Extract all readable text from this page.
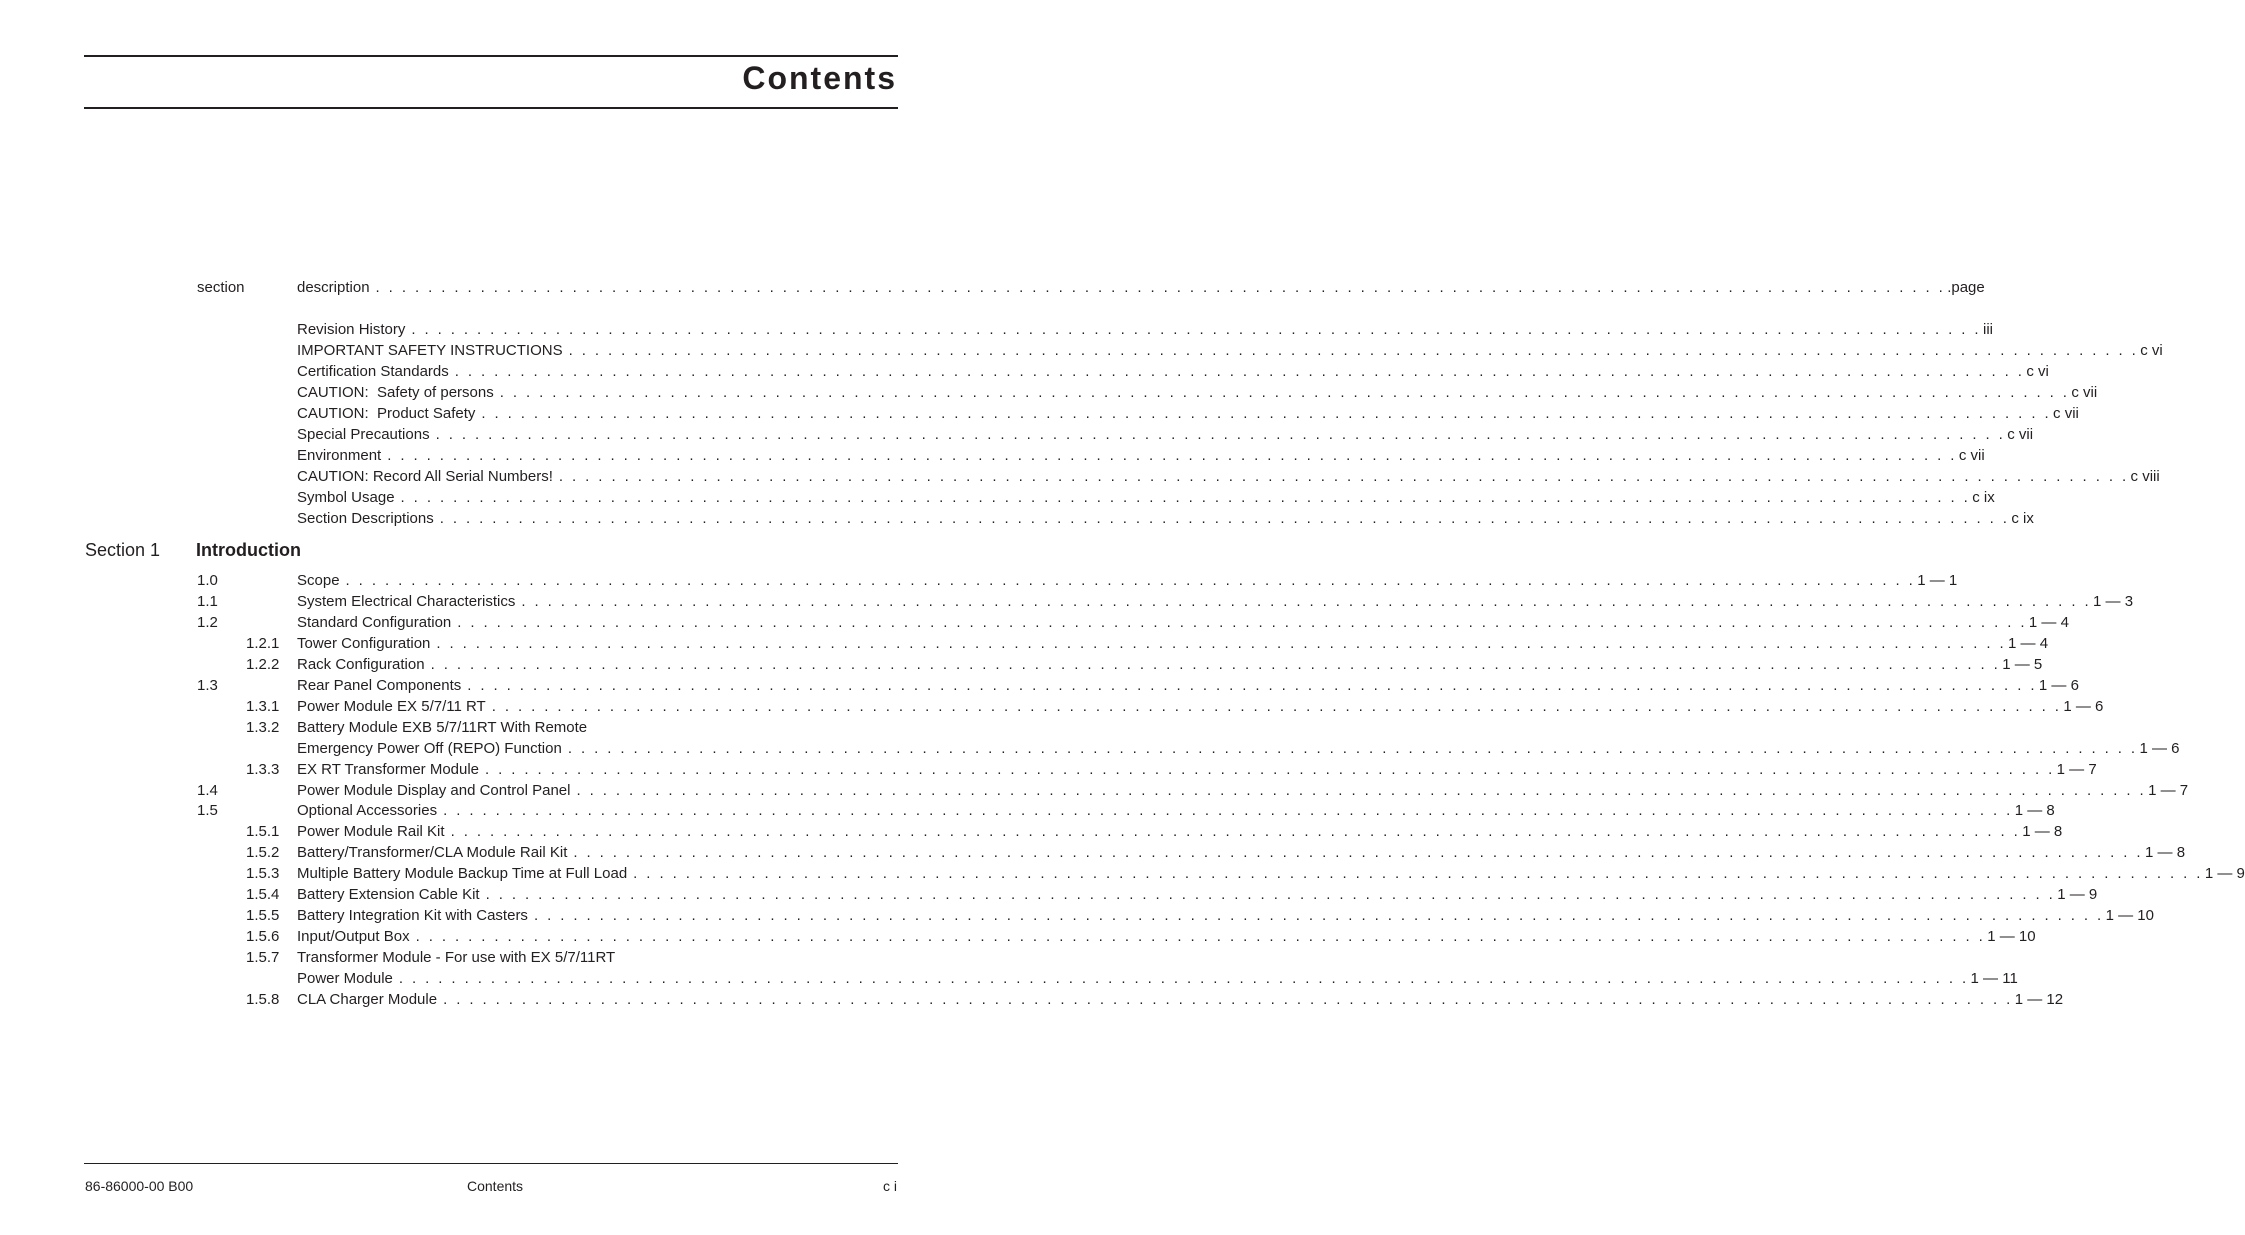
Contents
section	description . . . . . . . . . . . . . . . . . . . . . . . . . . . . . . . . . . . . . . . . . . . . . . . . . . . . . . . . . . . . . . . . . . . . . . . . . . . . . . . . . . . . . . . . . . . . . . . . . . . . . . . . . . . . . . . . . . . . . . . . .page
Revision History . . . . . . . . . . . . . . . . . . . . . . . . . . . . . . . . . . . . . . . . . . . . . . . . . . . . . . . . . . . . . . . . . . . . . . . . . . . . . . . . . . . . . . . . . . . . . . . . . . . . . . . . . . . . . . . . . . . . . . . . iii
IMPORTANT SAFETY INSTRUCTIONS . . . . . . . . . . . . . . . . . . . . . . . . . . . . . . . . . . . . . . . . . . . . . . . . . . . . . . . . . . . . . . . . . . . . . . . . . . . . . . . . . . . . . . . . . . . . . . . . . . . . . . . . . . . . . . . . . . . . . . . . c vi
Certification Standards . . . . . . . . . . . . . . . . . . . . . . . . . . . . . . . . . . . . . . . . . . . . . . . . . . . . . . . . . . . . . . . . . . . . . . . . . . . . . . . . . . . . . . . . . . . . . . . . . . . . . . . . . . . . . . . . . . . . . . . . c vi
CAUTION:  Safety of persons . . . . . . . . . . . . . . . . . . . . . . . . . . . . . . . . . . . . . . . . . . . . . . . . . . . . . . . . . . . . . . . . . . . . . . . . . . . . . . . . . . . . . . . . . . . . . . . . . . . . . . . . . . . . . . . . . . . . . . . . c vii
CAUTION:  Product Safety . . . . . . . . . . . . . . . . . . . . . . . . . . . . . . . . . . . . . . . . . . . . . . . . . . . . . . . . . . . . . . . . . . . . . . . . . . . . . . . . . . . . . . . . . . . . . . . . . . . . . . . . . . . . . . . . . . . . . . . . c vii
Special Precautions . . . . . . . . . . . . . . . . . . . . . . . . . . . . . . . . . . . . . . . . . . . . . . . . . . . . . . . . . . . . . . . . . . . . . . . . . . . . . . . . . . . . . . . . . . . . . . . . . . . . . . . . . . . . . . . . . . . . . . . . c vii
Environment . . . . . . . . . . . . . . . . . . . . . . . . . . . . . . . . . . . . . . . . . . . . . . . . . . . . . . . . . . . . . . . . . . . . . . . . . . . . . . . . . . . . . . . . . . . . . . . . . . . . . . . . . . . . . . . . . . . . . . . . c vii
CAUTION: Record All Serial Numbers! . . . . . . . . . . . . . . . . . . . . . . . . . . . . . . . . . . . . . . . . . . . . . . . . . . . . . . . . . . . . . . . . . . . . . . . . . . . . . . . . . . . . . . . . . . . . . . . . . . . . . . . . . . . . . . . . . . . . . . . . c viii
Symbol Usage . . . . . . . . . . . . . . . . . . . . . . . . . . . . . . . . . . . . . . . . . . . . . . . . . . . . . . . . . . . . . . . . . . . . . . . . . . . . . . . . . . . . . . . . . . . . . . . . . . . . . . . . . . . . . . . . . . . . . . . . c ix
Section Descriptions . . . . . . . . . . . . . . . . . . . . . . . . . . . . . . . . . . . . . . . . . . . . . . . . . . . . . . . . . . . . . . . . . . . . . . . . . . . . . . . . . . . . . . . . . . . . . . . . . . . . . . . . . . . . . . . . . . . . . . . . c ix
Section 1 Introduction
1.0	Scope . . . . . . . . . . . . . . . . . . . . . . . . . . . . . . . . . . . . . . . . . . . . . . . . . . . . . . . . . . . . . . . . . . . . . . . . . . . . . . . . . . . . . . . . . . . . . . . . . . . . . . . . . . . . . . . . . . . . . . . . 1 — 1
1.1	System Electrical Characteristics . . . . . . . . . . . . . . . . . . . . . . . . . . . . . . . . . . . . . . . . . . . . . . . . . . . . . . . . . . . . . . . . . . . . . . . . . . . . . . . . . . . . . . . . . . . . . . . . . . . . . . . . . . . . . . . . . . . . . . . . 1 — 3
1.2	Standard Configuration . . . . . . . . . . . . . . . . . . . . . . . . . . . . . . . . . . . . . . . . . . . . . . . . . . . . . . . . . . . . . . . . . . . . . . . . . . . . . . . . . . . . . . . . . . . . . . . . . . . . . . . . . . . . . . . . . . . . . . . . 1 — 4
1.2.1 Tower Configuration . . . . . . . . . . . . . . . . . . . . . . . . . . . . . . . . . . . . . . . . . . . . . . . . . . . . . . . . . . . . . . . . . . . . . . . . . . . . . . . . . . . . . . . . . . . . . . . . . . . . . . . . . . . . . . . . . . . . . . . . 1 — 4
1.2.2 Rack Configuration . . . . . . . . . . . . . . . . . . . . . . . . . . . . . . . . . . . . . . . . . . . . . . . . . . . . . . . . . . . . . . . . . . . . . . . . . . . . . . . . . . . . . . . . . . . . . . . . . . . . . . . . . . . . . . . . . . . . . . . . 1 — 5
1.3	Rear Panel Components . . . . . . . . . . . . . . . . . . . . . . . . . . . . . . . . . . . . . . . . . . . . . . . . . . . . . . . . . . . . . . . . . . . . . . . . . . . . . . . . . . . . . . . . . . . . . . . . . . . . . . . . . . . . . . . . . . . . . . . . 1 — 6
1.3.1 Power Module EX 5/7/11 RT . . . . . . . . . . . . . . . . . . . . . . . . . . . . . . . . . . . . . . . . . . . . . . . . . . . . . . . . . . . . . . . . . . . . . . . . . . . . . . . . . . . . . . . . . . . . . . . . . . . . . . . . . . . . . . . . . . . . . . . . 1 — 6
1.3.2 Battery Module EXB 5/7/11RT With Remote
Emergency Power Off (REPO) Function . . . . . . . . . . . . . . . . . . . . . . . . . . . . . . . . . . . . . . . . . . . . . . . . . . . . . . . . . . . . . . . . . . . . . . . . . . . . . . . . . . . . . . . . . . . . . . . . . . . . . . . . . . . . . . . . . . . . . . . . 1 — 6
1.3.3 EX RT Transformer Module . . . . . . . . . . . . . . . . . . . . . . . . . . . . . . . . . . . . . . . . . . . . . . . . . . . . . . . . . . . . . . . . . . . . . . . . . . . . . . . . . . . . . . . . . . . . . . . . . . . . . . . . . . . . . . . . . . . . . . . . 1 — 7
1.4	Power Module Display and Control Panel . . . . . . . . . . . . . . . . . . . . . . . . . . . . . . . . . . . . . . . . . . . . . . . . . . . . . . . . . . . . . . . . . . . . . . . . . . . . . . . . . . . . . . . . . . . . . . . . . . . . . . . . . . . . . . . . . . . . . . . . 1 — 7
1.5	Optional Accessories . . . . . . . . . . . . . . . . . . . . . . . . . . . . . . . . . . . . . . . . . . . . . . . . . . . . . . . . . . . . . . . . . . . . . . . . . . . . . . . . . . . . . . . . . . . . . . . . . . . . . . . . . . . . . . . . . . . . . . . . 1 — 8
1.5.1 Power Module Rail Kit . . . . . . . . . . . . . . . . . . . . . . . . . . . . . . . . . . . . . . . . . . . . . . . . . . . . . . . . . . . . . . . . . . . . . . . . . . . . . . . . . . . . . . . . . . . . . . . . . . . . . . . . . . . . . . . . . . . . . . . . 1 — 8
1.5.2 Battery/Transformer/CLA Module Rail Kit . . . . . . . . . . . . . . . . . . . . . . . . . . . . . . . . . . . . . . . . . . . . . . . . . . . . . . . . . . . . . . . . . . . . . . . . . . . . . . . . . . . . . . . . . . . . . . . . . . . . . . . . . . . . . . . . . . . . . . . . 1 — 8
1.5.3 Multiple Battery Module Backup Time at Full Load . . . . . . . . . . . . . . . . . . . . . . . . . . . . . . . . . . . . . . . . . . . . . . . . . . . . . . . . . . . . . . . . . . . . . . . . . . . . . . . . . . . . . . . . . . . . . . . . . . . . . . . . . . . . . . . . . . . . . . . . 1 — 9
1.5.4 Battery Extension Cable Kit . . . . . . . . . . . . . . . . . . . . . . . . . . . . . . . . . . . . . . . . . . . . . . . . . . . . . . . . . . . . . . . . . . . . . . . . . . . . . . . . . . . . . . . . . . . . . . . . . . . . . . . . . . . . . . . . . . . . . . . . 1 — 9
1.5.5 Battery Integration Kit with Casters . . . . . . . . . . . . . . . . . . . . . . . . . . . . . . . . . . . . . . . . . . . . . . . . . . . . . . . . . . . . . . . . . . . . . . . . . . . . . . . . . . . . . . . . . . . . . . . . . . . . . . . . . . . . . . . . . . . . . . . . 1 — 10
1.5.6 Input/Output Box . . . . . . . . . . . . . . . . . . . . . . . . . . . . . . . . . . . . . . . . . . . . . . . . . . . . . . . . . . . . . . . . . . . . . . . . . . . . . . . . . . . . . . . . . . . . . . . . . . . . . . . . . . . . . . . . . . . . . . . . 1 — 10
1.5.7 Transformer Module - For use with EX 5/7/11RT
Power Module . . . . . . . . . . . . . . . . . . . . . . . . . . . . . . . . . . . . . . . . . . . . . . . . . . . . . . . . . . . . . . . . . . . . . . . . . . . . . . . . . . . . . . . . . . . . . . . . . . . . . . . . . . . . . . . . . . . . . . . . 1 — 11
1.5.8 CLA Charger Module . . . . . . . . . . . . . . . . . . . . . . . . . . . . . . . . . . . . . . . . . . . . . . . . . . . . . . . . . . . . . . . . . . . . . . . . . . . . . . . . . . . . . . . . . . . . . . . . . . . . . . . . . . . . . . . . . . . . . . . . 1 — 12
86-86000-00 B00	Contents	c i
